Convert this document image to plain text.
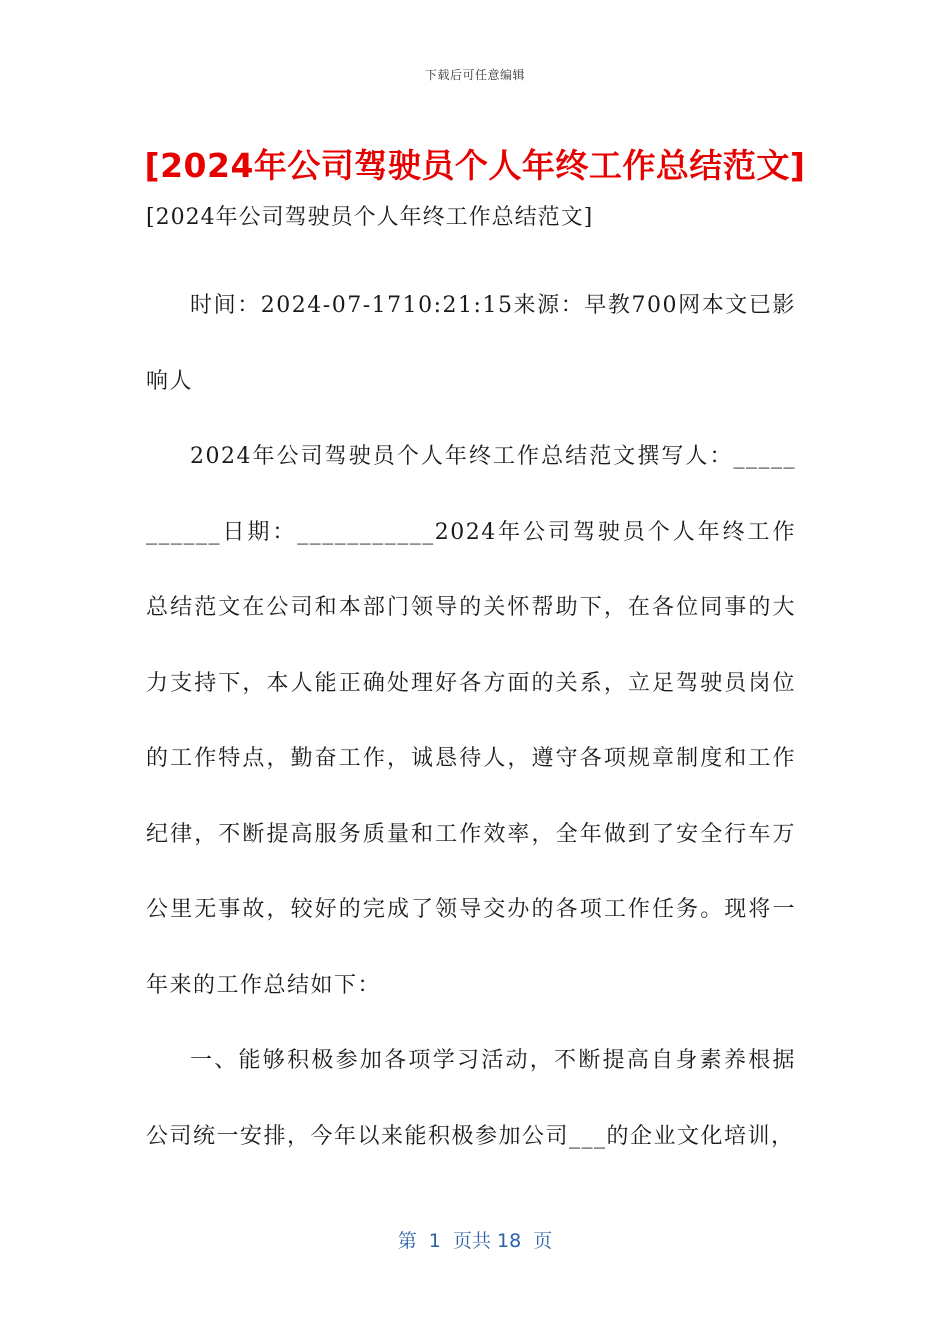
下载后可任意编辑
[2024年公司驾驶员个人年终工作总结范文]
[2024年公司驾驶员个人年终工作总结范文]

时间：2024-07-1710:21:15来源：早教700网本文已影响人

2024年公司驾驶员个人年终工作总结范文撰写人：___________日期：___________2024年公司驾驶员个人年终工作总结范文在公司和本部门领导的关怀帮助下，在各位同事的大力支持下，本人能正确处理好各方面的关系，立足驾驶员岗位的工作特点，勤奋工作，诚恳待人，遵守各项规章制度和工作纪律，不断提高服务质量和工作效率，全年做到了安全行车万公里无事故，较好的完成了领导交办的各项工作任务。现将一年来的工作总结如下：

一、能够积极参加各项学习活动，不断提高自身素养根据公司统一安排，今年以来能积极参加公司___的企业文化培训，

第  1  页共 18  页
